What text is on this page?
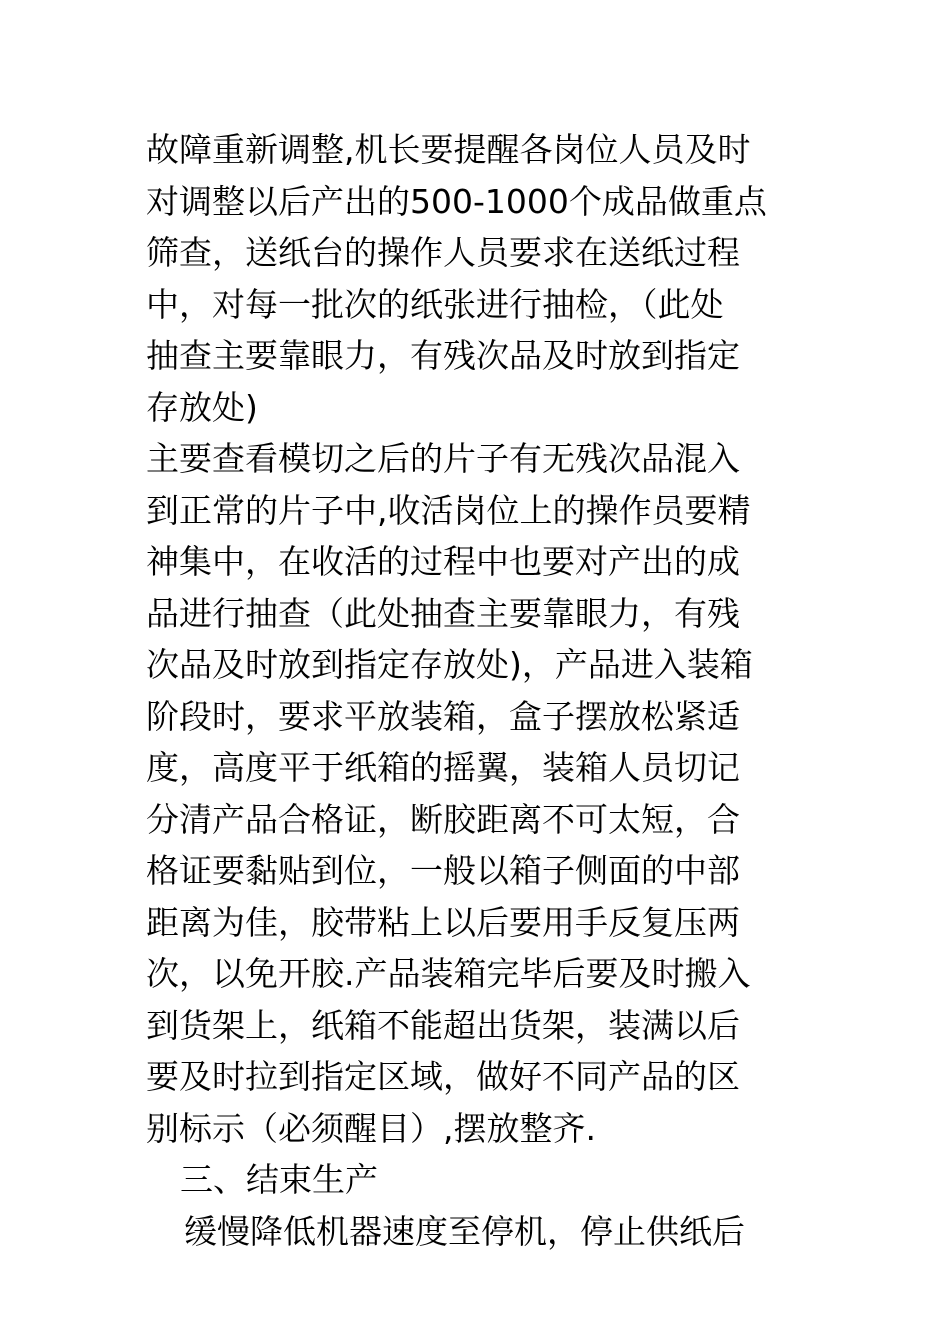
故障重新调整,机长要提醒各岗位人员及时
对调整以后产出的500-1000个成品做重点
筛查，送纸台的操作人员要求在送纸过程
中，对每一批次的纸张进行抽检，（此处
抽查主要靠眼力，有残次品及时放到指定
存放处)
主要查看模切之后的片子有无残次品混入
到正常的片子中,收活岗位上的操作员要精
神集中，在收活的过程中也要对产出的成
品进行抽查（此处抽查主要靠眼力，有残
次品及时放到指定存放处)，产品进入装箱
阶段时，要求平放装箱，盒子摆放松紧适
度，高度平于纸箱的摇翼，装箱人员切记
分清产品合格证，断胶距离不可太短，合
格证要黏贴到位，一般以箱子侧面的中部
距离为佳，胶带粘上以后要用手反复压两
次，以免开胶.产品装箱完毕后要及时搬入
到货架上，纸箱不能超出货架，装满以后
要及时拉到指定区域，做好不同产品的区
别标示（必须醒目）,摆放整齐.
三、结束生产
缓慢降低机器速度至停机，停止供纸后
